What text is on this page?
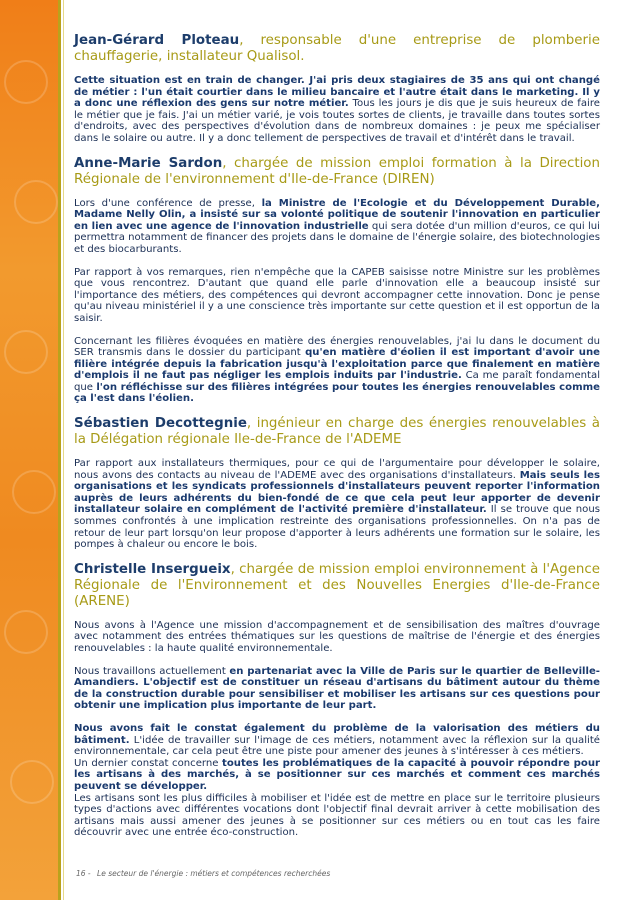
Jean-Gérard Ploteau, responsable d'une entreprise de plomberie chauffagerie, installateur Qualisol.

Cette situation est en train de changer. J'ai pris deux stagiaires de 35 ans qui ont changé de métier : l'un était courtier dans le milieu bancaire et l'autre était dans le marketing. Il y a donc une réflexion des gens sur notre métier. Tous les jours je dis que je suis heureux de faire le métier que je fais. J'ai un métier varié, je vois toutes sortes de clients, je travaille dans toutes sortes d'endroits, avec des perspectives d'évolution dans de nombreux domaines : je peux me spécialiser dans le solaire ou autre. Il y a donc tellement de perspectives de travail et d'intérêt dans le travail.

Anne-Marie Sardon, chargée de mission emploi formation à la Direction Régionale de l'environnement d'Ile-de-France (DIREN)

Lors d'une conférence de presse, la Ministre de l'Ecologie et du Développement Durable, Madame Nelly Olin, a insisté sur sa volonté politique de soutenir l'innovation en particulier en lien avec une agence de l'innovation industrielle qui sera dotée d'un million d'euros, ce qui lui permettra notamment de financer des projets dans le domaine de l'énergie solaire, des biotechnologies et des biocarburants.

Par rapport à vos remarques, rien n'empêche que la CAPEB saisisse notre Ministre sur les problèmes que vous rencontrez. D'autant que quand elle parle d'innovation elle a beaucoup insisté sur l'importance des métiers, des compétences qui devront accompagner cette innovation. Donc je pense qu'au niveau ministériel il y a une conscience très importante sur cette question et il est opportun de la saisir.

Concernant les filières évoquées en matière des énergies renouvelables, j'ai lu dans le document du SER transmis dans le dossier du participant qu'en matière d'éolien il est important d'avoir une filière intégrée depuis la fabrication jusqu'à l'exploitation parce que finalement en matière d'emplois il ne faut pas négliger les emplois induits par l'industrie. Ca me paraît fondamental que l'on réfléchisse sur des filières intégrées pour toutes les énergies renouvelables comme ça l'est dans l'éolien.

Sébastien Decottegnie, ingénieur en charge des énergies renouvelables à la Délégation régionale Ile-de-France de l'ADEME

Par rapport aux installateurs thermiques, pour ce qui de l'argumentaire pour développer le solaire, nous avons des contacts au niveau de l'ADEME avec des organisations d'installateurs. Mais seuls les organisations et les syndicats professionnels d'installateurs peuvent reporter l'information auprès de leurs adhérents du bien-fondé de ce que cela peut leur apporter de devenir installateur solaire en complément de l'activité première d'installateur. Il se trouve que nous sommes confrontés à une implication restreinte des organisations professionnelles. On n'a pas de retour de leur part lorsqu'on leur propose d'apporter à leurs adhérents une formation sur le solaire, les pompes à chaleur ou encore le bois.

Christelle Insergueix, chargée de mission emploi environnement à l'Agence Régionale de l'Environnement et des Nouvelles Energies d'Ile-de-France (ARENE)

Nous avons à l'Agence une mission d'accompagnement et de sensibilisation des maîtres d'ouvrage avec notamment des entrées thématiques sur les questions de maîtrise de l'énergie et des énergies renouvelables : la haute qualité environnementale.

Nous travaillons actuellement en partenariat avec la Ville de Paris sur le quartier de Belleville-Amandiers. L'objectif est de constituer un réseau d'artisans du bâtiment autour du thème de la construction durable pour sensibiliser et mobiliser les artisans sur ces questions pour obtenir une implication plus importante de leur part.

Nous avons fait le constat également du problème de la valorisation des métiers du bâtiment. L'idée de travailler sur l'image de ces métiers, notamment avec la réflexion sur la qualité environnementale, car cela peut être une piste pour amener des jeunes à s'intéresser à ces métiers.

Un dernier constat concerne toutes les problématiques de la capacité à pouvoir répondre pour les artisans à des marchés, à se positionner sur ces marchés et comment ces marchés peuvent se développer.

Les artisans sont les plus difficiles à mobiliser et l'idée est de mettre en place sur le territoire plusieurs types d'actions avec différentes vocations dont l'objectif final devrait arriver à cette mobilisation des artisans mais aussi amener des jeunes à se positionner sur ces métiers ou en tout cas les faire découvrir avec une entrée éco-construction.

16 - Le secteur de l'énergie : métiers et compétences recherchées
